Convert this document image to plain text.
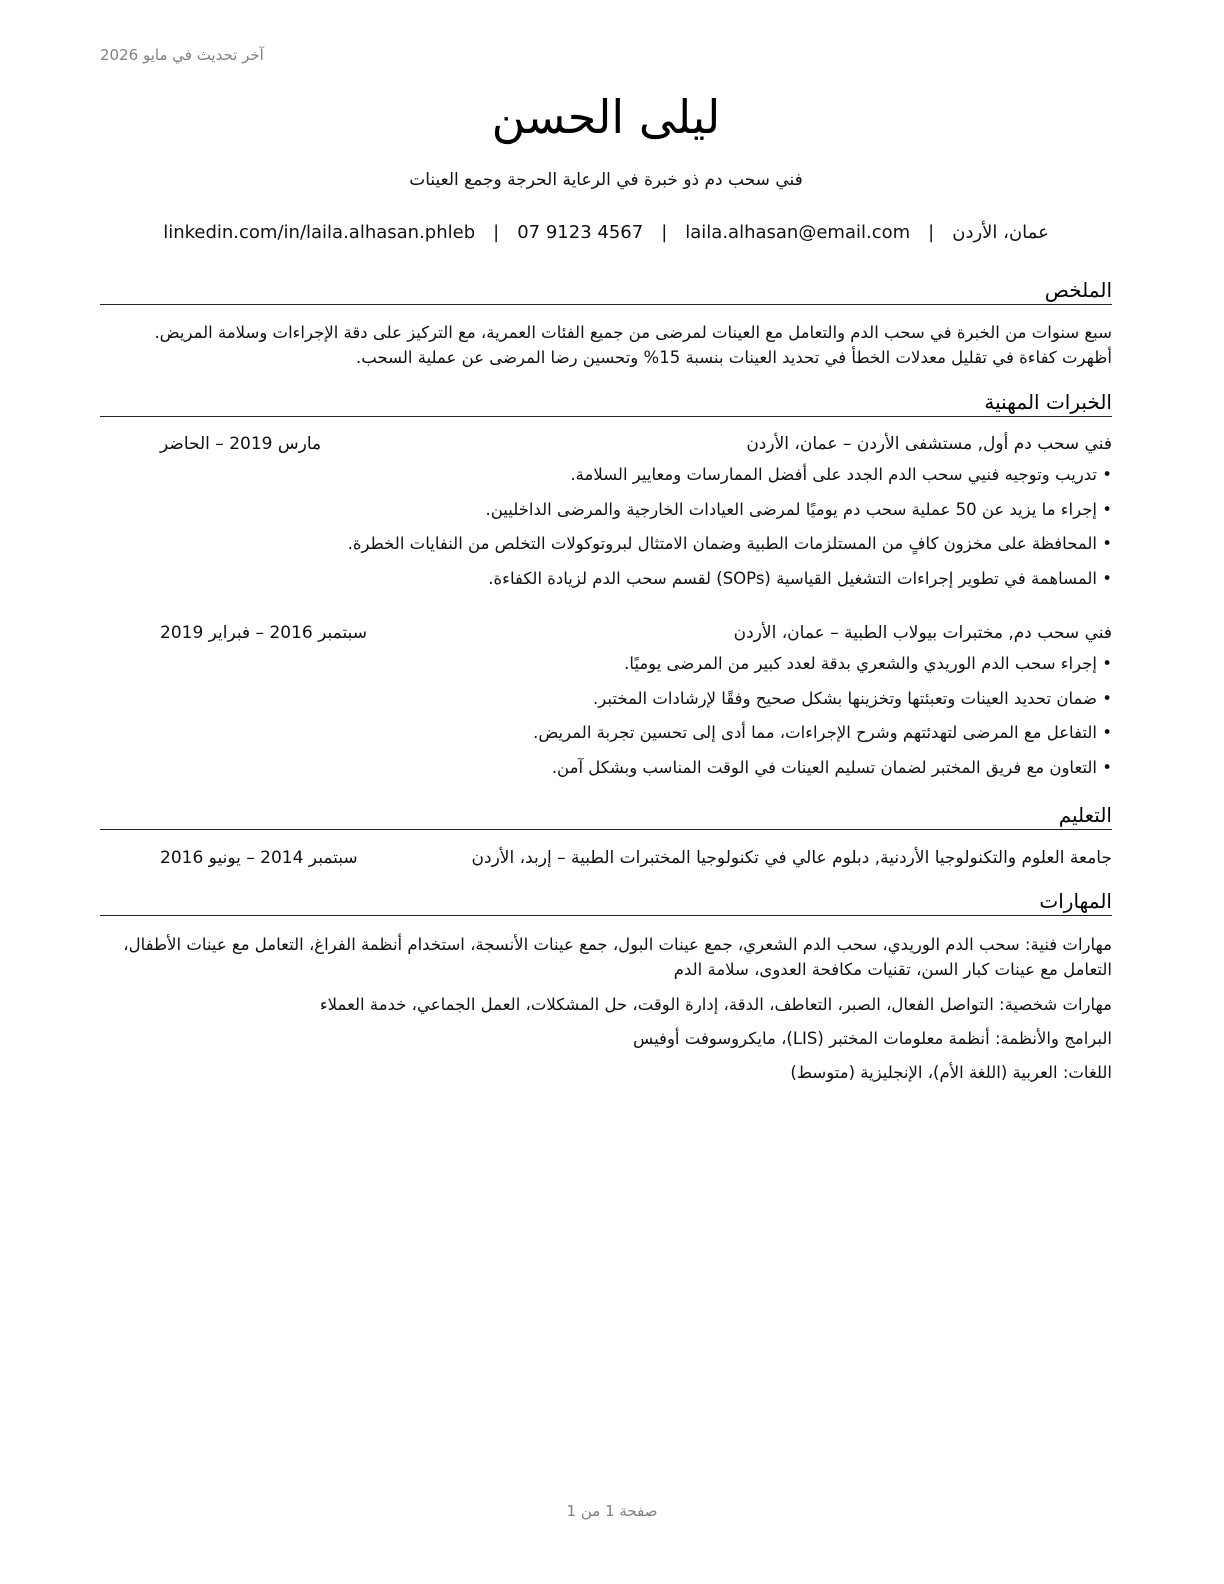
آخر تحديث في مايو 2026
ليلى الحسن
فني سحب دم ذو خبرة في الرعاية الحرجة وجمع العينات
عمان، الأردن
|
laila.alhasan@email.com
|
07 9123 4567
|
linkedin.com/in/laila.alhasan.phleb
الملخص
سبع سنوات من الخبرة في سحب الدم والتعامل مع العينات لمرضى من جميع الفئات العمرية، مع التركيز على دقة الإجراءات وسلامة المريض. أظهرت كفاءة في تقليل معدلات الخطأ في تحديد العينات بنسبة 15% وتحسين رضا المرضى عن عملية السحب.
الخبرات المهنية
فني سحب دم أول, مستشفى الأردن – عمان، الأردن
مارس 2019 – الحاضر
• تدريب وتوجيه فنيي سحب الدم الجدد على أفضل الممارسات ومعايير السلامة.
• إجراء ما يزيد عن 50 عملية سحب دم يوميًا لمرضى العيادات الخارجية والمرضى الداخليين.
• المحافظة على مخزون كافٍ من المستلزمات الطبية وضمان الامتثال لبروتوكولات التخلص من النفايات الخطرة.
• المساهمة في تطوير إجراءات التشغيل القياسية (SOPs) لقسم سحب الدم لزيادة الكفاءة.
فني سحب دم, مختبرات بيولاب الطبية – عمان، الأردن
سبتمبر 2016 – فبراير 2019
• إجراء سحب الدم الوريدي والشعري بدقة لعدد كبير من المرضى يوميًا.
• ضمان تحديد العينات وتعبئتها وتخزينها بشكل صحيح وفقًا لإرشادات المختبر.
• التفاعل مع المرضى لتهدئتهم وشرح الإجراءات، مما أدى إلى تحسين تجربة المريض.
• التعاون مع فريق المختبر لضمان تسليم العينات في الوقت المناسب وبشكل آمن.
التعليم
جامعة العلوم والتكنولوجيا الأردنية, دبلوم عالي في تكنولوجيا المختبرات الطبية – إربد، الأردن
سبتمبر 2014 – يونيو 2016
المهارات
مهارات فنية: سحب الدم الوريدي، سحب الدم الشعري، جمع عينات البول، جمع عينات الأنسجة، استخدام أنظمة الفراغ، التعامل مع عينات الأطفال، التعامل مع عينات كبار السن، تقنيات مكافحة العدوى، سلامة الدم
مهارات شخصية: التواصل الفعال، الصبر، التعاطف، الدقة، إدارة الوقت، حل المشكلات، العمل الجماعي، خدمة العملاء
البرامج والأنظمة: أنظمة معلومات المختبر (LIS)، مايكروسوفت أوفيس
اللغات: العربية (اللغة الأم)، الإنجليزية (متوسط)
صفحة 1 من 1
